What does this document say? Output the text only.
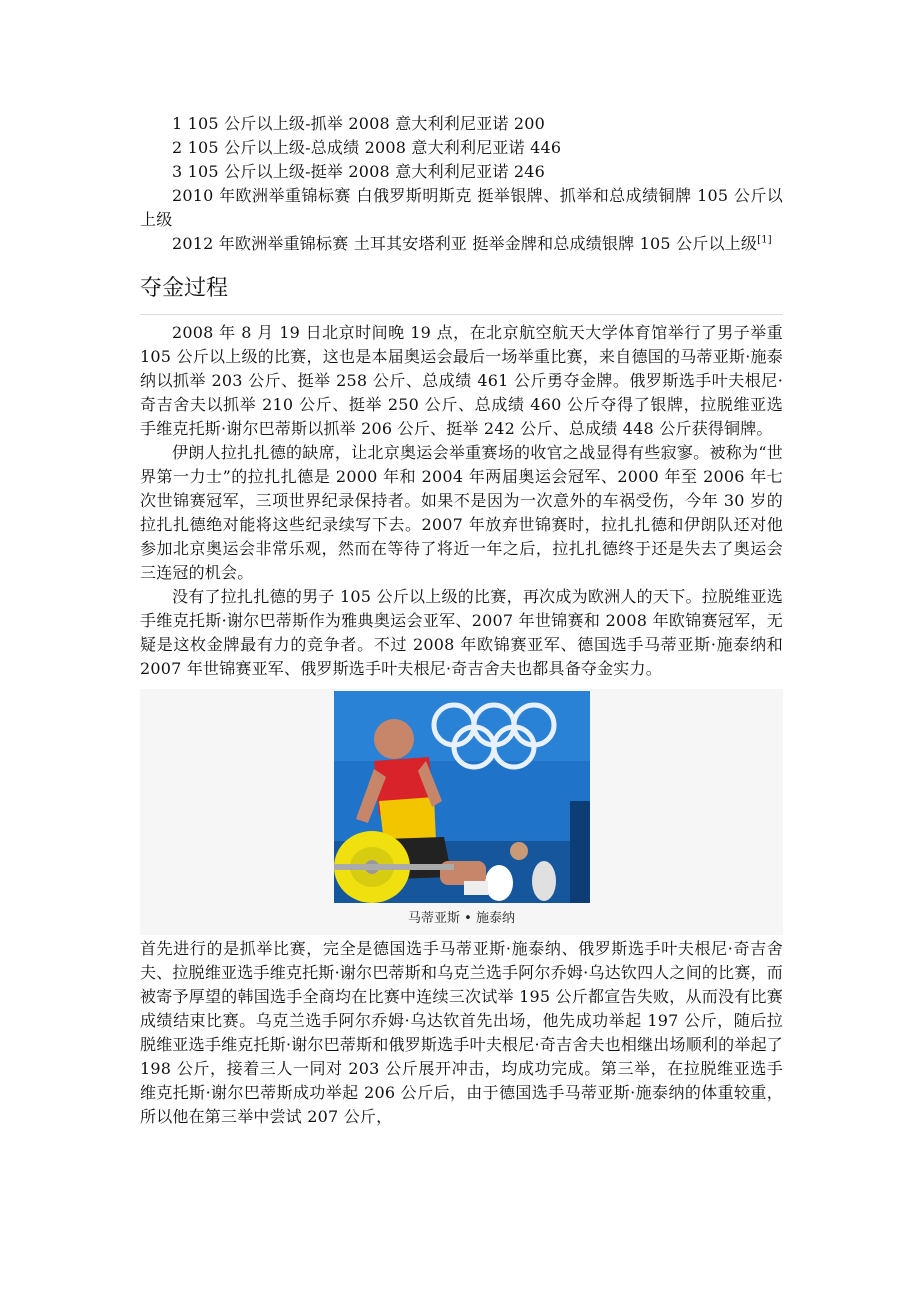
1 105 公斤以上级-抓举 2008 意大利利尼亚诺 200

2 105 公斤以上级-总成绩 2008 意大利利尼亚诺 446

3 105 公斤以上级-挺举 2008 意大利利尼亚诺 246

2010 年欧洲举重锦标赛 白俄罗斯明斯克 挺举银牌、抓举和总成绩铜牌 105 公斤以上级

2012 年欧洲举重锦标赛 土耳其安塔利亚 挺举金牌和总成绩银牌 105 公斤以上级[1]

夺金过程

2008 年 8 月 19 日北京时间晚 19 点，在北京航空航天大学体育馆举行了男子举重 105 公斤以上级的比赛，这也是本届奥运会最后一场举重比赛，来自德国的马蒂亚斯·施泰纳以抓举 203 公斤、挺举 258 公斤、总成绩 461 公斤勇夺金牌。俄罗斯选手叶夫根尼·奇吉舍夫以抓举 210 公斤、挺举 250 公斤、总成绩 460 公斤夺得了银牌，拉脱维亚选手维克托斯·谢尔巴蒂斯以抓举 206 公斤、挺举 242 公斤、总成绩 448 公斤获得铜牌。

伊朗人拉扎扎德的缺席，让北京奥运会举重赛场的收官之战显得有些寂寥。被称为“世界第一力士”的拉扎扎德是 2000 年和 2004 年两届奥运会冠军、2000 年至 2006 年七次世锦赛冠军，三项世界纪录保持者。如果不是因为一次意外的车祸受伤，今年 30 岁的拉扎扎德绝对能将这些纪录续写下去。2007 年放弃世锦赛时，拉扎扎德和伊朗队还对他参加北京奥运会非常乐观，然而在等待了将近一年之后，拉扎扎德终于还是失去了奥运会三连冠的机会。

没有了拉扎扎德的男子 105 公斤以上级的比赛，再次成为欧洲人的天下。拉脱维亚选手维克托斯·谢尔巴蒂斯作为雅典奥运会亚军、2007 年世锦赛和 2008 年欧锦赛冠军，无疑是这枚金牌最有力的竞争者。不过 2008 年欧锦赛亚军、德国选手马蒂亚斯·施泰纳和 2007 年世锦赛亚军、俄罗斯选手叶夫根尼·奇吉舍夫也都具备夺金实力。

马蒂亚斯 • 施泰纳

首先进行的是抓举比赛，完全是德国选手马蒂亚斯·施泰纳、俄罗斯选手叶夫根尼·奇吉舍夫、拉脱维亚选手维克托斯·谢尔巴蒂斯和乌克兰选手阿尔乔姆·乌达钦四人之间的比赛，而被寄予厚望的韩国选手全商均在比赛中连续三次试举 195 公斤都宣告失败，从而没有比赛成绩结束比赛。乌克兰选手阿尔乔姆·乌达钦首先出场，他先成功举起 197 公斤，随后拉脱维亚选手维克托斯·谢尔巴蒂斯和俄罗斯选手叶夫根尼·奇吉舍夫也相继出场顺利的举起了 198 公斤，接着三人一同对 203 公斤展开冲击，均成功完成。第三举，在拉脱维亚选手维克托斯·谢尔巴蒂斯成功举起 206 公斤后，由于德国选手马蒂亚斯·施泰纳的体重较重，所以他在第三举中尝试 207 公斤，
